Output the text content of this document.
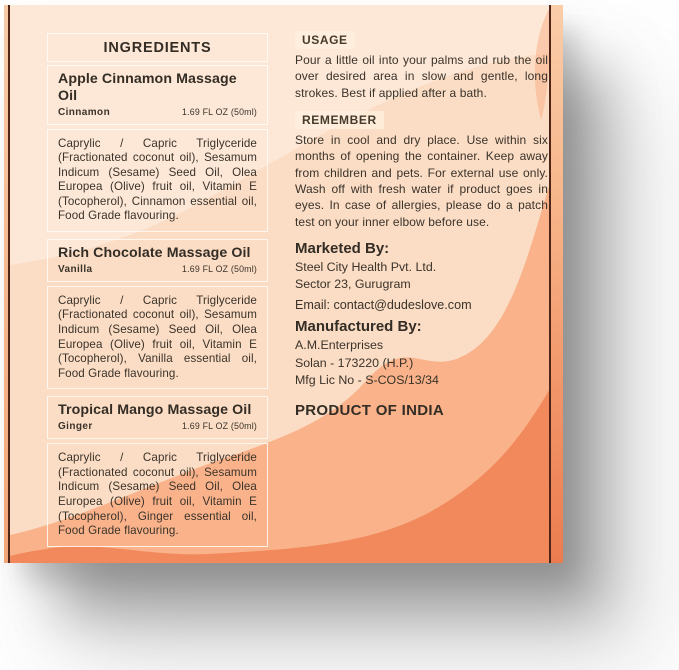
INGREDIENTS
Apple Cinnamon Massage Oil
Cinnamon	1.69 FL OZ (50ml)
Caprylic / Capric Triglyceride (Fractionated coconut oil), Sesamum Indicum (Sesame) Seed Oil, Olea Europea (Olive) fruit oil, Vitamin E (Tocopherol), Cinnamon essential oil, Food Grade flavouring.
Rich Chocolate Massage Oil
Vanilla	1.69 FL OZ (50ml)
Caprylic / Capric Triglyceride (Fractionated coconut oil), Sesamum Indicum (Sesame) Seed Oil, Olea Europea (Olive) fruit oil, Vitamin E (Tocopherol), Vanilla essential oil, Food Grade flavouring.
Tropical Mango Massage Oil
Ginger	1.69 FL OZ (50ml)
Caprylic / Capric Triglyceride (Fractionated coconut oil), Sesamum Indicum (Sesame) Seed Oil, Olea Europea (Olive) fruit oil, Vitamin E (Tocopherol), Ginger essential oil, Food Grade flavouring.
USAGE
Pour a little oil into your palms and rub the oil over desired area in slow and gentle, long strokes. Best if applied after a bath.
REMEMBER
Store in cool and dry place. Use within six months of opening the container. Keep away from children and pets. For external use only. Wash off with fresh water if product goes in eyes. In case of allergies, please do a patch test on your inner elbow before use.
Marketed By:
Steel City Health Pvt. Ltd.
Sector 23, Gurugram
Email: contact@dudeslove.com
Manufactured By:
A.M.Enterprises
Solan - 173220 (H.P.)
Mfg Lic No - S-COS/13/34
PRODUCT OF INDIA
